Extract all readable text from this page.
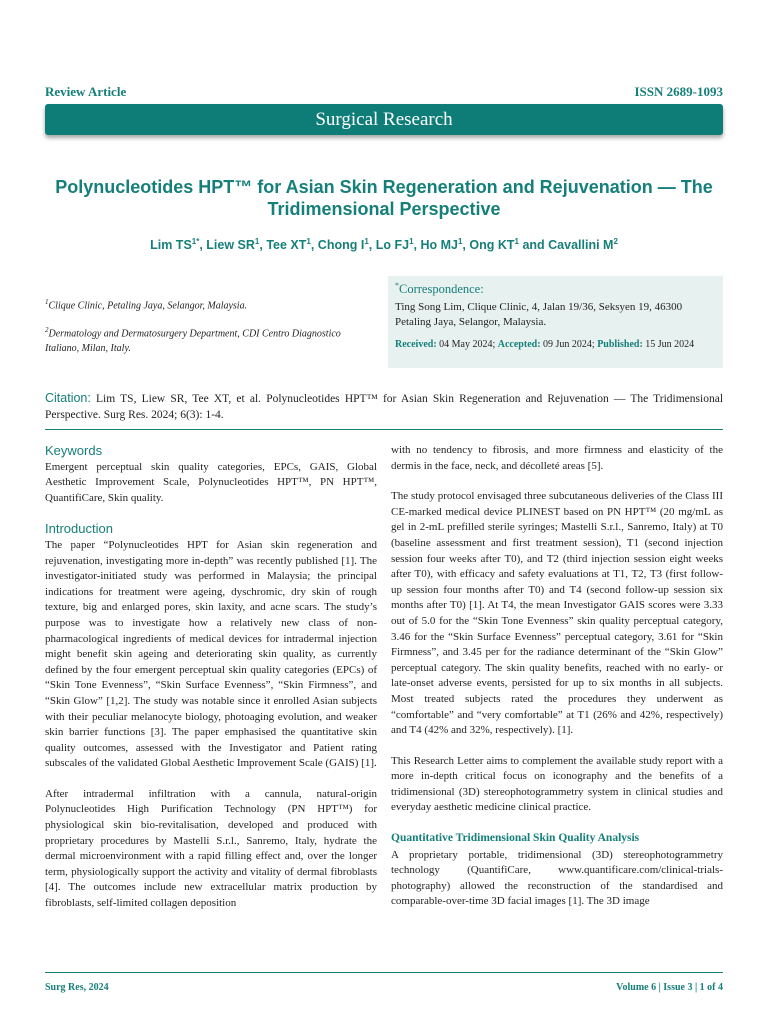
Review Article	ISSN 2689-1093
Surgical Research
Polynucleotides HPT™ for Asian Skin Regeneration and Rejuvenation — The Tridimensional Perspective
Lim $TS^{1*}$, Liew $SR^1$, Tee $XT^1$, Chong $I^1$, Lo $FJ^1$, Ho $MJ^1$, Ong $KT^1$ and Cavallini $M^2$
$^1$Clique Clinic, Petaling Jaya, Selangor, Malaysia.
$^2$Dermatology and Dermatosurgery Department, CDI Centro Diagnostico Italiano, Milan, Italy.
*Correspondence:
Ting Song Lim, Clique Clinic, 4, Jalan 19/36, Seksyen 19, 46300 Petaling Jaya, Selangor, Malaysia.
Received: 04 May 2024; Accepted: 09 Jun 2024; Published: 15 Jun 2024
Citation: Lim TS, Liew SR, Tee XT, et al. Polynucleotides HPT™ for Asian Skin Regeneration and Rejuvenation — The Tridimensional Perspective. Surg Res. 2024; 6(3): 1-4.
Keywords

Emergent perceptual skin quality categories, EPCs, GAIS, Global Aesthetic Improvement Scale, Polynucleotides HPT™, PN HPT™, QuantifiCare, Skin quality.

Introduction

The paper “Polynucleotides HPT for Asian skin regeneration and rejuvenation, investigating more in-depth” was recently published [1]. The investigator-initiated study was performed in Malaysia; the principal indications for treatment were ageing, dyschromic, dry skin of rough texture, big and enlarged pores, skin laxity, and acne scars. The study’s purpose was to investigate how a relatively new class of non-pharmacological ingredients of medical devices for intradermal injection might benefit skin ageing and deteriorating skin quality, as currently defined by the four emergent perceptual skin quality categories (EPCs) of “Skin Tone Evenness”, “Skin Surface Evenness”, “Skin Firmness”, and “Skin Glow” [1,2]. The study was notable since it enrolled Asian subjects with their peculiar melanocyte biology, photoaging evolution, and weaker skin barrier functions [3]. The paper emphasised the quantitative skin quality outcomes, assessed with the Investigator and Patient rating subscales of the validated Global Aesthetic Improvement Scale (GAIS) [1].

After intradermal infiltration with a cannula, natural-origin Polynucleotides High Purification Technology (PN HPT™) for physiological skin bio-revitalisation, developed and produced with proprietary procedures by Mastelli S.r.l., Sanremo, Italy, hydrate the dermal microenvironment with a rapid filling effect and, over the longer term, physiologically support the activity and vitality of dermal fibroblasts [4]. The outcomes include new extracellular matrix production by fibroblasts, self-limited collagen deposition

with no tendency to fibrosis, and more firmness and elasticity of the dermis in the face, neck, and décolleté areas [5].

The study protocol envisaged three subcutaneous deliveries of the Class III CE-marked medical device PLINEST based on PN HPT™ (20 mg/mL as gel in 2-mL prefilled sterile syringes; Mastelli S.r.l., Sanremo, Italy) at T0 (baseline assessment and first treatment session), T1 (second injection session four weeks after T0), and T2 (third injection session eight weeks after T0), with efficacy and safety evaluations at T1, T2, T3 (first follow-up session four months after T0) and T4 (second follow-up session six months after T0) [1]. At T4, the mean Investigator GAIS scores were 3.33 out of 5.0 for the “Skin Tone Evenness” skin quality perceptual category, 3.46 for the “Skin Surface Evenness” perceptual category, 3.61 for “Skin Firmness”, and 3.45 per for the radiance determinant of the “Skin Glow” perceptual category. The skin quality benefits, reached with no early- or late-onset adverse events, persisted for up to six months in all subjects. Most treated subjects rated the procedures they underwent as “comfortable” and “very comfortable” at T1 (26% and 42%, respectively) and T4 (42% and 32%, respectively). [1].

This Research Letter aims to complement the available study report with a more in-depth critical focus on iconography and the benefits of a tridimensional (3D) stereophotogrammetry system in clinical studies and everyday aesthetic medicine clinical practice.

Quantitative Tridimensional Skin Quality Analysis

A proprietary portable, tridimensional (3D) stereophotogrammetry technology (QuantifiCare, www.quantificare.com/clinical-trials-photography) allowed the reconstruction of the standardised and comparable-over-time 3D facial images [1]. The 3D image

Surg Res, 2024	Volume 6 | Issue 3 | 1 of 4
